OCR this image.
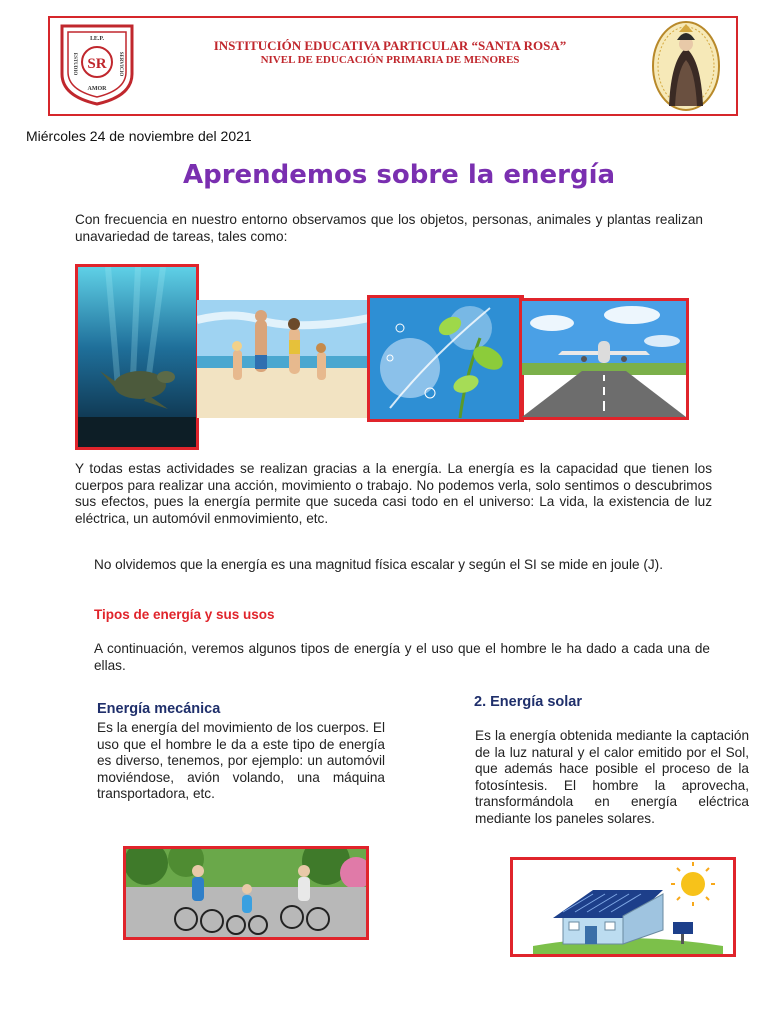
SR
I.E.P.
ESTUDIO	SERVICIO
AMOR
INSTITUCIÓN EDUCATIVA PARTICULAR “SANTA ROSA”
NIVEL DE EDUCACIÓN PRIMARIA DE MENORES
Miércoles 24 de noviembre del 2021
Aprendemos sobre la energía
Con frecuencia en nuestro entorno observamos que los objetos, personas, animales y plantas realizan unavariedad de tareas, tales como:
Y todas estas actividades se realizan gracias a la energía. La energía es la capacidad que tienen los cuerpos para realizar una acción, movimiento o trabajo. No podemos verla, solo sentimos o descubrimos sus efectos, pues la energía permite que suceda casi todo en el universo: La vida, la existencia de luz eléctrica, un automóvil enmovimiento, etc.
No olvidemos que la energía es una magnitud física escalar y según el SI se mide en joule (J).
Tipos de energía y sus usos
A continuación, veremos algunos tipos de energía y el uso que el hombre le ha dado a cada una de ellas.
Energía mecánica
Es la energía del movimiento de los cuerpos. El uso que el hombre le da a este tipo de energía es diverso, tenemos, por ejemplo: un automóvil moviéndose, avión volando, una máquina transportadora, etc.
2. Energía solar
Es la energía obtenida mediante la captación de la luz natural y el calor emitido por el Sol, que además hace posible el proceso de la fotosíntesis. El hombre la aprovecha, transformándola en energía eléctrica mediante los paneles solares.
